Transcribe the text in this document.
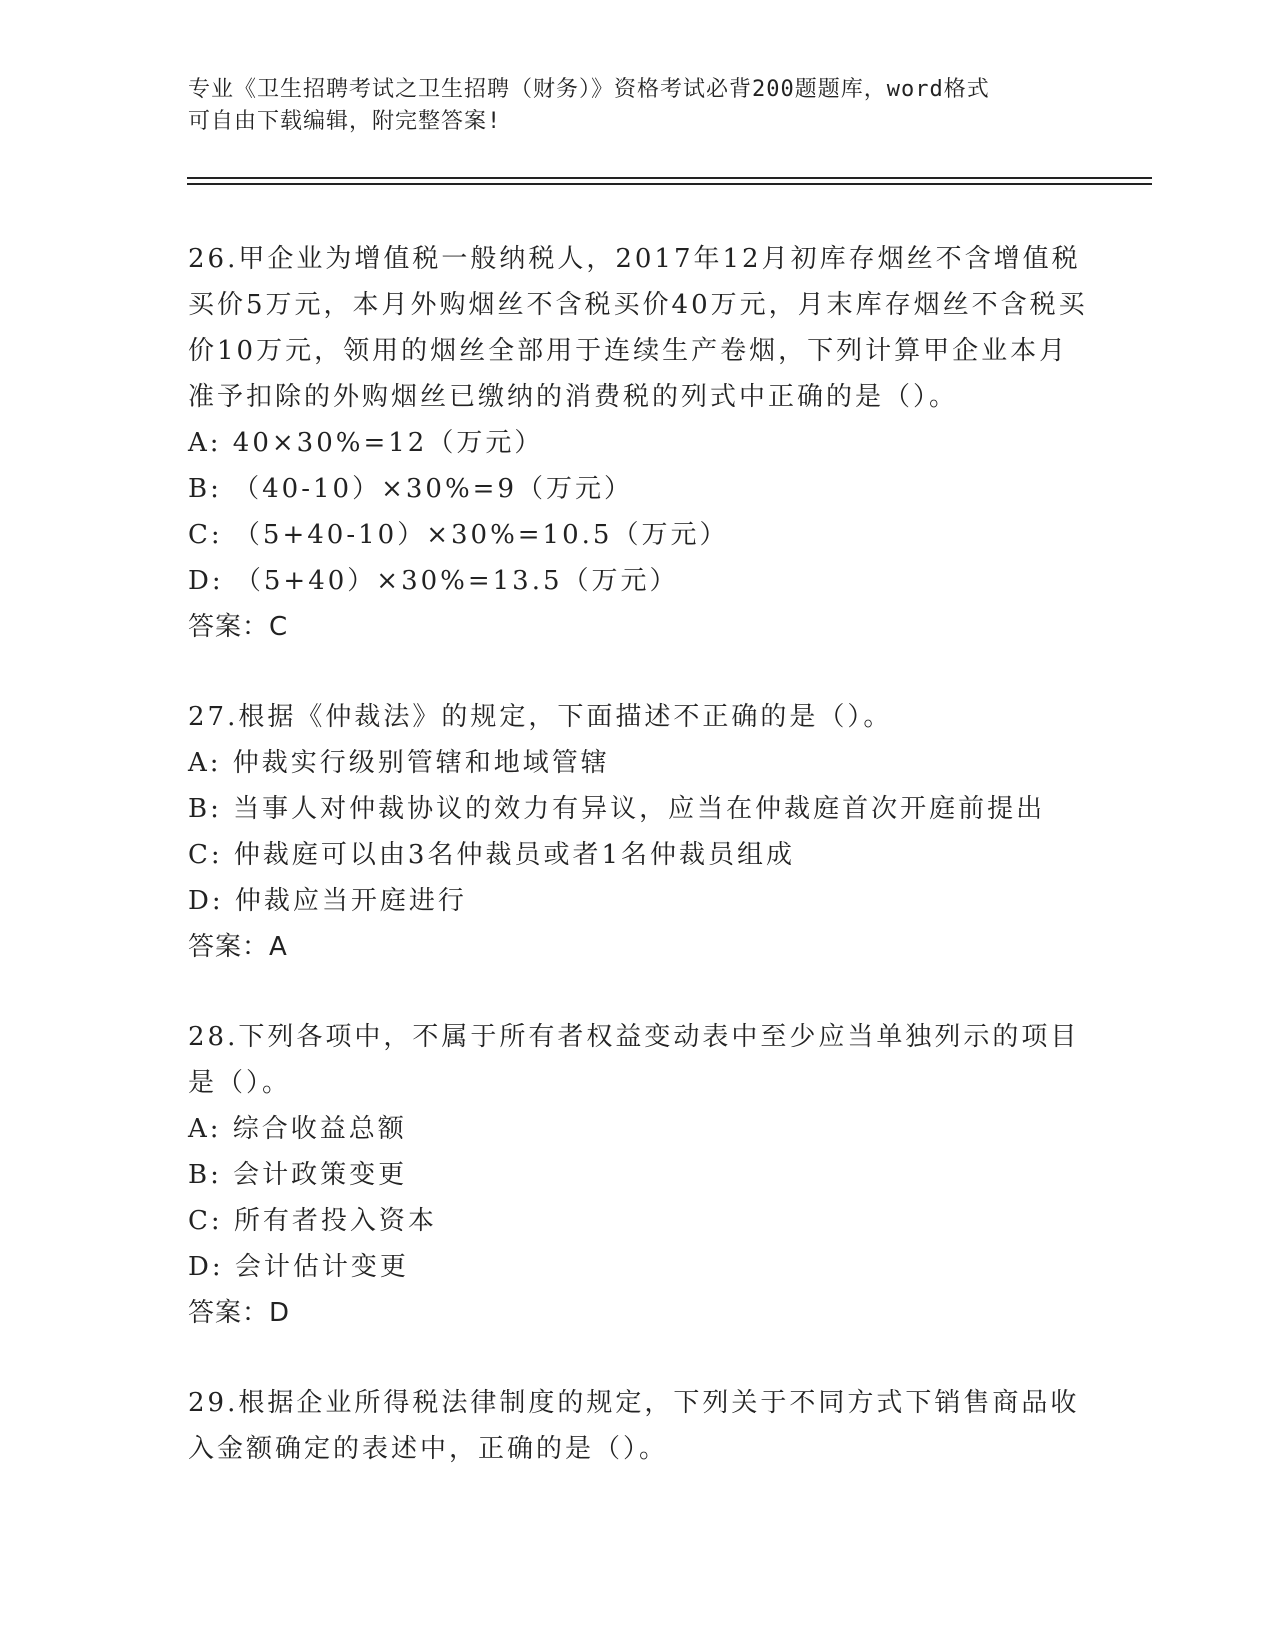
专业《卫生招聘考试之卫生招聘（财务）》资格考试必背200题题库，word格式
可自由下载编辑，附完整答案!

26.甲企业为增值税一般纳税人，2017年12月初库存烟丝不含增值税买价5万元，本月外购烟丝不含税买价40万元，月末库存烟丝不含税买价10万元，领用的烟丝全部用于连续生产卷烟，下列计算甲企业本月准予扣除的外购烟丝已缴纳的消费税的列式中正确的是（）。

A: 40×30%=12（万元）

B: （40-10）×30%=9（万元）

C: （5+40-10）×30%=10.5（万元）

D: （5+40）×30%=13.5（万元）

答案：C

27.根据《仲裁法》的规定，下面描述不正确的是（）。

A: 仲裁实行级别管辖和地域管辖

B: 当事人对仲裁协议的效力有异议，应当在仲裁庭首次开庭前提出

C: 仲裁庭可以由3名仲裁员或者1名仲裁员组成

D: 仲裁应当开庭进行

答案：A

28.下列各项中，不属于所有者权益变动表中至少应当单独列示的项目是（）。

A: 综合收益总额

B: 会计政策变更

C: 所有者投入资本

D: 会计估计变更

答案：D

29.根据企业所得税法律制度的规定，下列关于不同方式下销售商品收入金额确定的表述中，正确的是（）。
